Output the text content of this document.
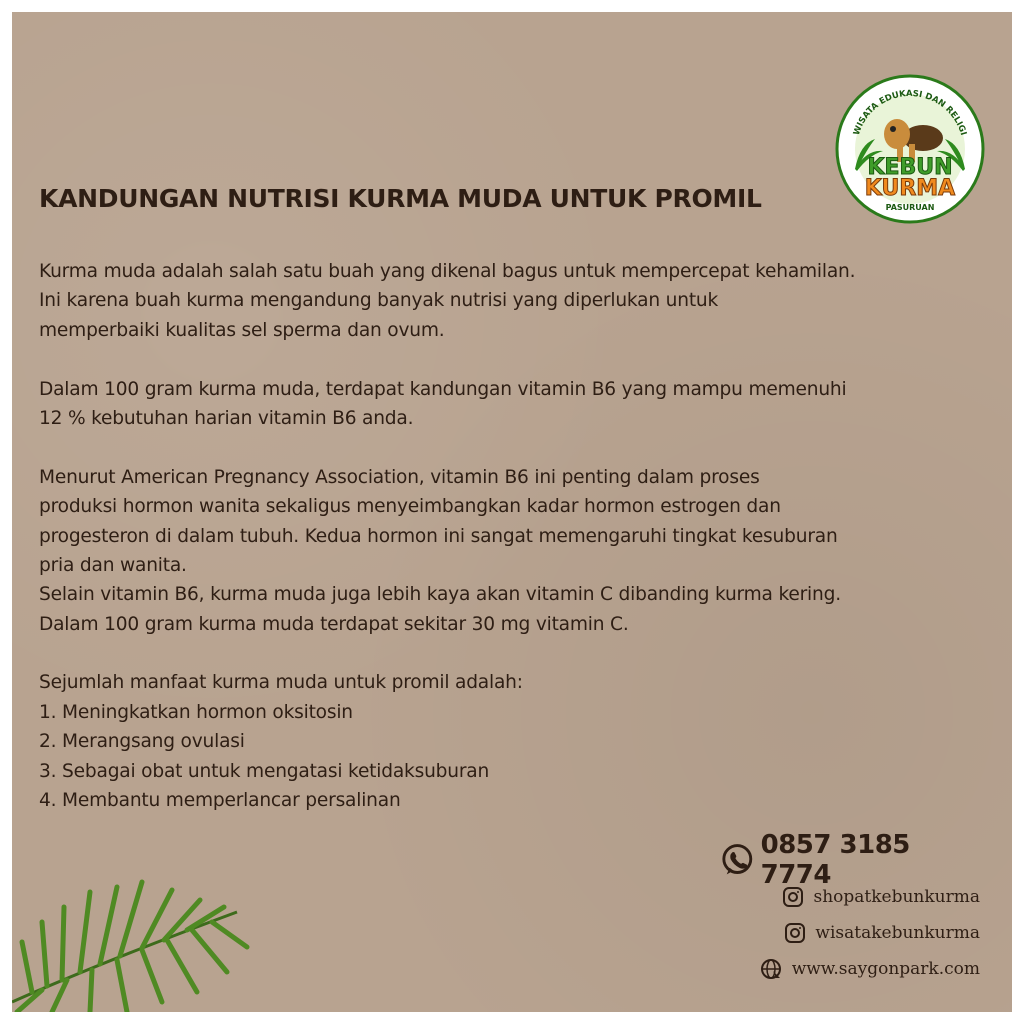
WISATA EDUKASI DAN RELIGI
KEBUN
KURMA
PASURUAN
KANDUNGAN NUTRISI KURMA MUDA UNTUK PROMIL
Kurma muda adalah salah satu buah yang dikenal bagus untuk mempercepat kehamilan.
Ini karena buah kurma mengandung banyak nutrisi yang diperlukan untuk
memperbaiki kualitas sel sperma dan ovum.
Dalam 100 gram kurma muda, terdapat kandungan vitamin B6 yang mampu memenuhi
12 % kebutuhan harian vitamin B6 anda.
Menurut American Pregnancy Association, vitamin B6 ini penting dalam proses
produksi hormon wanita sekaligus menyeimbangkan kadar hormon estrogen dan
progesteron di dalam tubuh. Kedua hormon ini sangat memengaruhi tingkat kesuburan
pria dan wanita.
Selain vitamin B6, kurma muda juga lebih kaya akan vitamin C dibanding kurma kering.
Dalam 100 gram kurma muda terdapat sekitar 30 mg vitamin C.
Sejumlah manfaat kurma muda untuk promil adalah:
1. Meningkatkan hormon oksitosin
2. Merangsang ovulasi
3. Sebagai obat untuk mengatasi ketidaksuburan
4. Membantu memperlancar persalinan
0857 3185 7774
shopatkebunkurma
wisatakebunkurma
www.saygonpark.com
